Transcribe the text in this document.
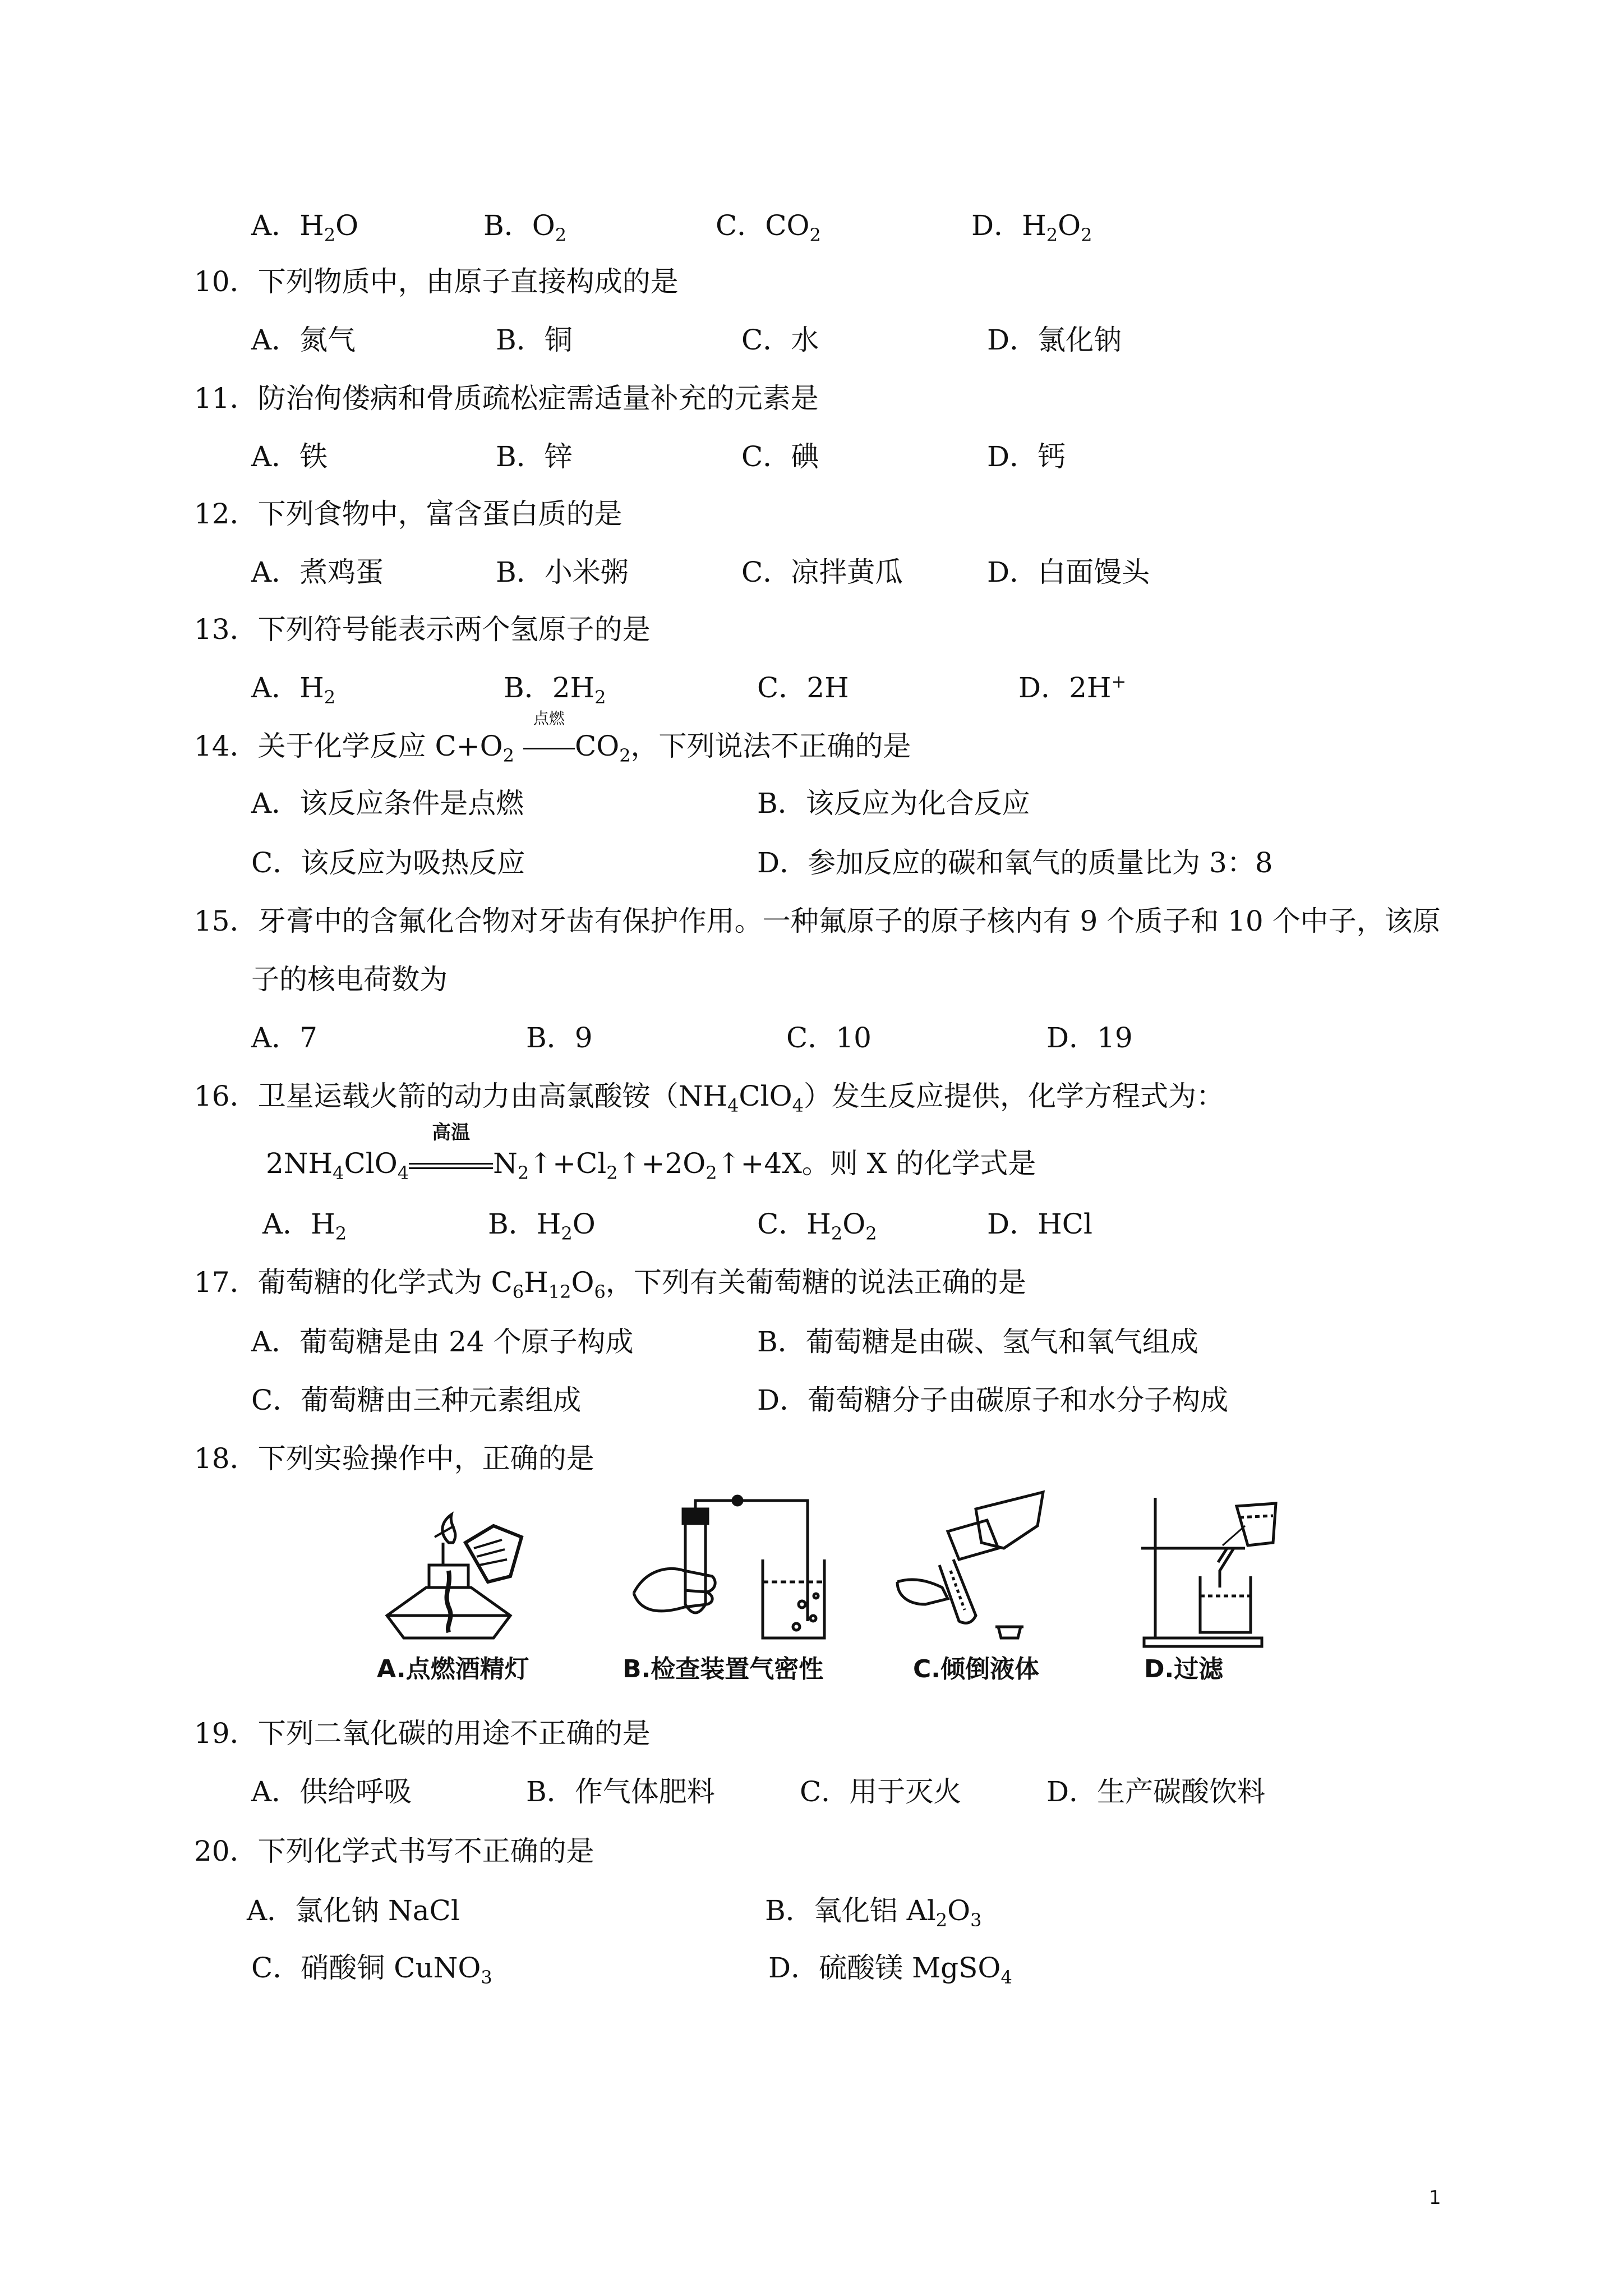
A．$H_2O$	B．$O_2$	C．$CO_2$	D．$H_2O_2$
10．下列物质中，由原子直接构成的是
A．氮气	B．铜	C．水	D．氯化钠
11．防治佝偻病和骨质疏松症需适量补充的元素是
A．铁	B．锌	C．碘	D．钙
12．下列食物中，富含蛋白质的是
A．煮鸡蛋	B．小米粥	C．凉拌黄瓜	D．白面馒头
13．下列符号能表示两个氢原子的是
A．$H_2$	B．$2H_2$	C．2H	D．2H+
14．关于化学反应 $C+O_2$
点燃
$CO_2$，下列说法不正确的是
A．该反应条件是点燃	B．该反应为化合反应
C．该反应为吸热反应	D．参加反应的碳和氧气的质量比为 3：8
15．牙膏中的含氟化合物对牙齿有保护作用。一种氟原子的原子核内有 9 个质子和 10 个中子，该原
子的核电荷数为
A．7	B．9	C．10	D．19
16．卫星运载火箭的动力由高氯酸铵$(NH_4ClO_4)$发生反应提供，化学方程式为：
$2NH_4ClO_4$
高温
$N_2↑+Cl_2↑+2O_2↑+4X$。则 X 的化学式是
A．$H_2$	B．$H_2O$	C．$H_2O_2$	D．HCl
17．葡萄糖的化学式为 $C_6H_{12}O_6$，下列有关葡萄糖的说法正确的是
A．葡萄糖是由 24 个原子构成	B．葡萄糖是由碳、氢气和氧气组成
C．葡萄糖由三种元素组成	D．葡萄糖分子由碳原子和水分子构成
18．下列实验操作中，正确的是
A.点燃酒精灯	B.检查装置气密性	C.倾倒液体	D.过滤
19．下列二氧化碳的用途不正确的是
A．供给呼吸	B．作气体肥料	C．用于灭火	D．生产碳酸饮料
20．下列化学式书写不正确的是
A．氯化钠 NaCl	B．氧化铝 $Al_2O_3$
C．硝酸铜 CuNO$_3$	D．硫酸镁 MgSO$_4$
1
